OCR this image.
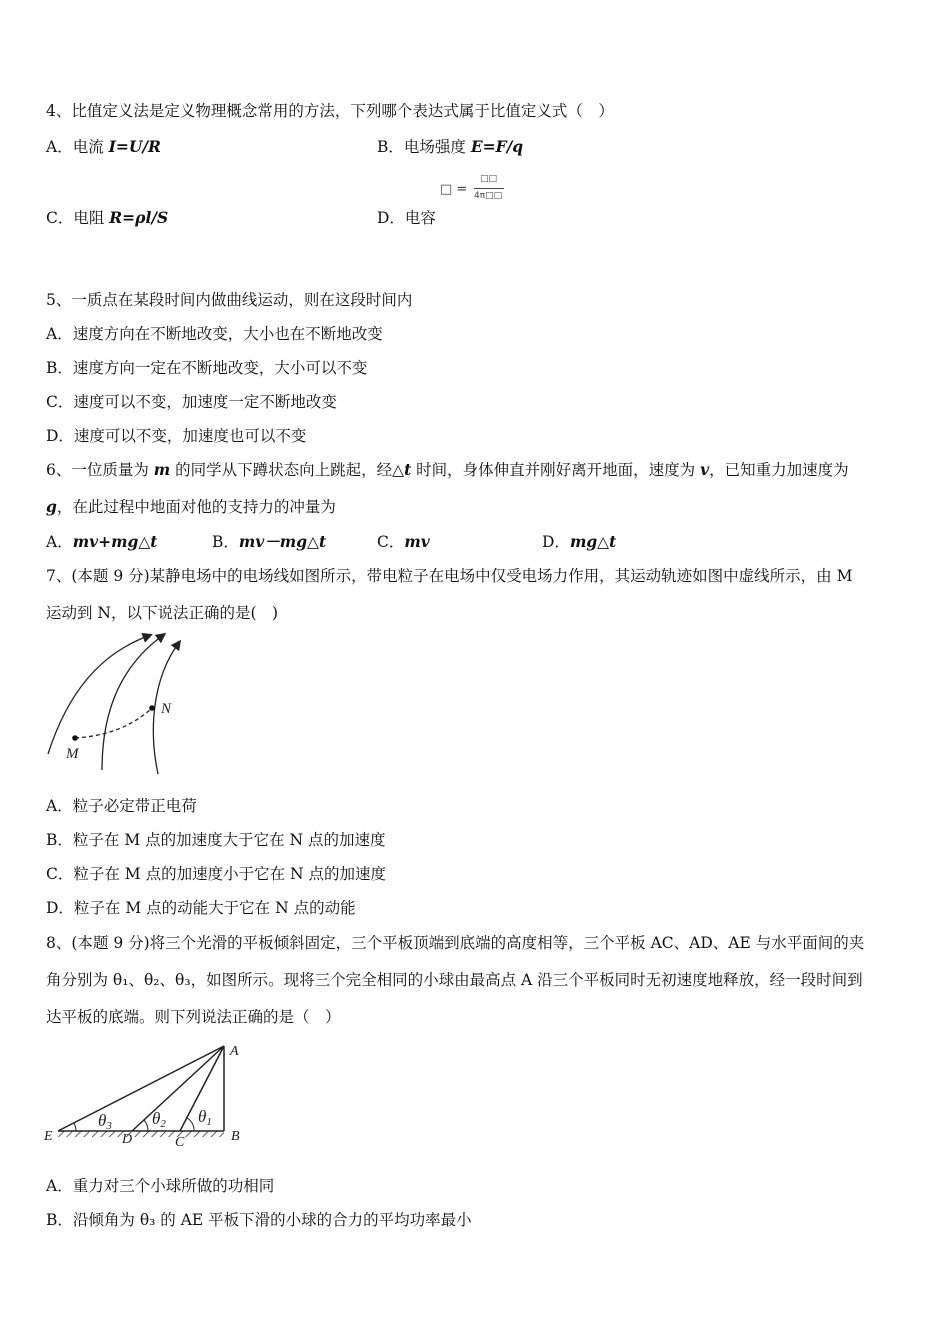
4、比值定义法是定义物理概念常用的方法，下列哪个表达式属于比值定义式（　）
A．电流 I=U/R	B．电场强度 E=F/q
C．电阻 R=ρl/S	D．电容
□ =
□□
4π□□
5、一质点在某段时间内做曲线运动，则在这段时间内
A．速度方向在不断地改变，大小也在不断地改变
B．速度方向一定在不断地改变，大小可以不变
C．速度可以不变，加速度一定不断地改变
D．速度可以不变，加速度也可以不变
6、一位质量为 m 的同学从下蹲状态向上跳起，经△t 时间，身体伸直并刚好离开地面，速度为 v，已知重力加速度为
g，在此过程中地面对他的支持力的冲量为
A．mv+mg△t	B．mv－mg△t	C．mv	D．mg△t
7、(本题 9 分)某静电场中的电场线如图所示，带电粒子在电场中仅受电场力作用，其运动轨迹如图中虚线所示，由 M
运动到 N，以下说法正确的是(　)
M
N
A．粒子必定带正电荷
B．粒子在 M 点的加速度大于它在 N 点的加速度
C．粒子在 M 点的加速度小于它在 N 点的加速度
D．粒子在 M 点的动能大于它在 N 点的动能
8、(本题 9 分)将三个光滑的平板倾斜固定，三个平板顶端到底端的高度相等，三个平板 AC、AD、AE 与水平面间的夹
角分别为 θ₁、θ₂、θ₃，如图所示。现将三个完全相同的小球由最高点 A 沿三个平板同时无初速度地释放，经一段时间到
达平板的底端。则下列说法正确的是（　）
θ3 θ2 θ1
A
B
C
D
E
A．重力对三个小球所做的功相同
B．沿倾角为 θ₃ 的 AE 平板下滑的小球的合力的平均功率最小
